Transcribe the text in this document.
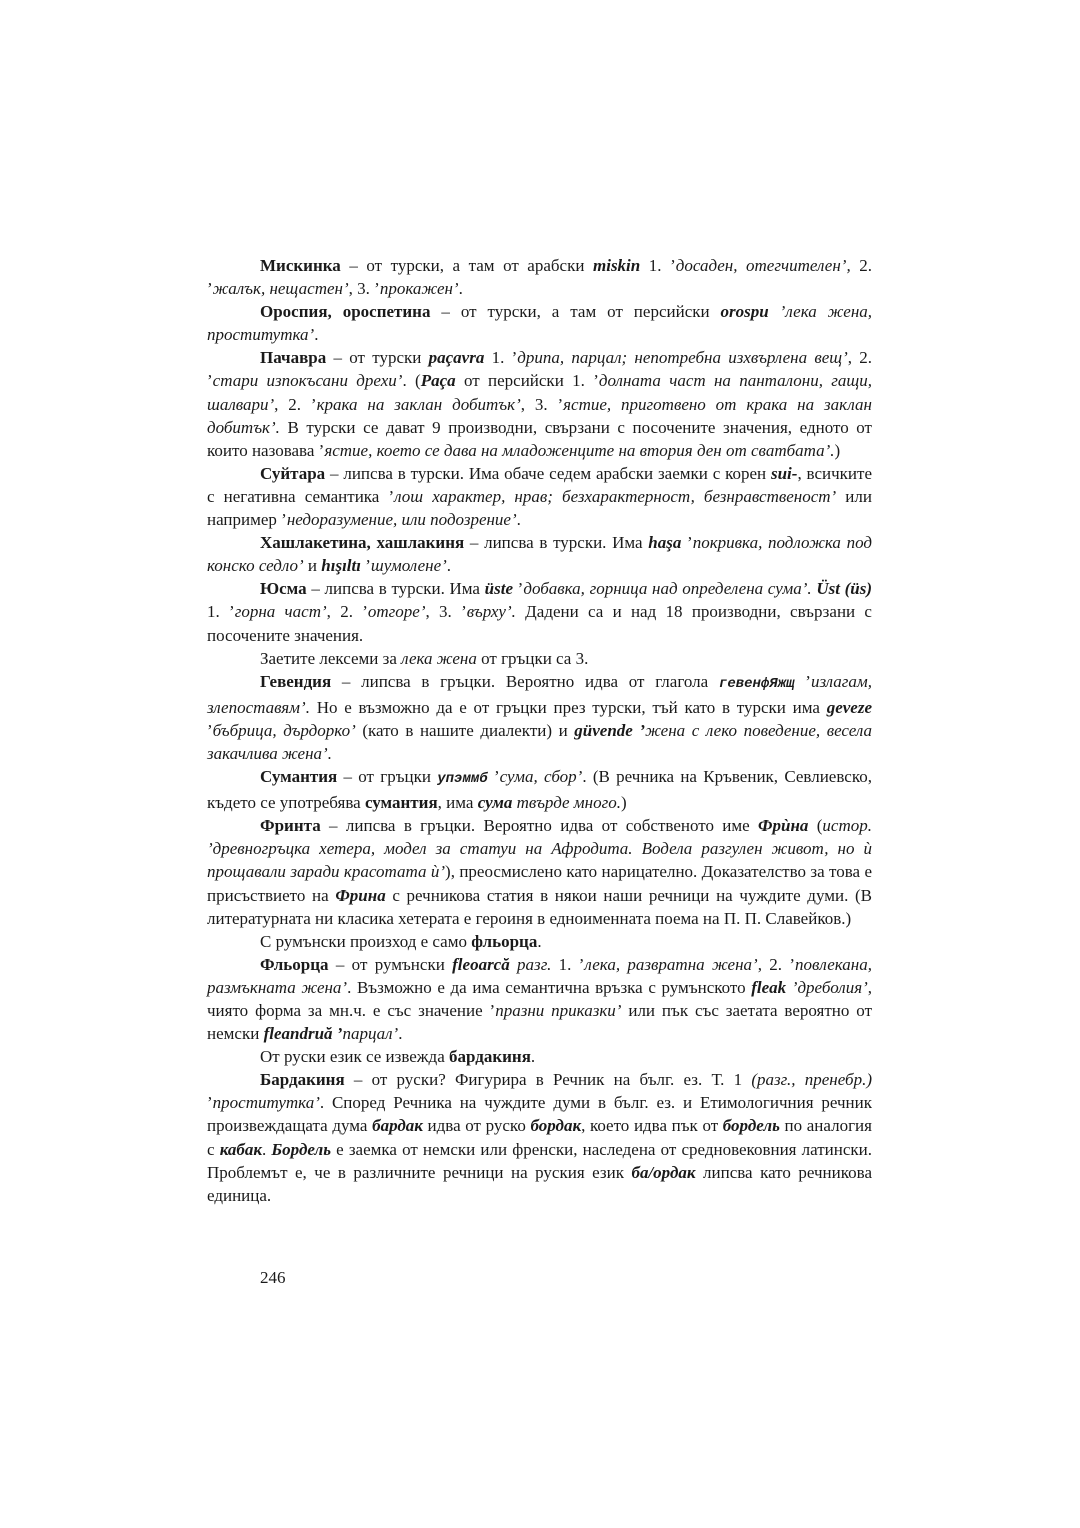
Мискинка – от турски, а там от арабски miskin 1. ’досаден, отегчителен’, 2. ’жалък, нещастен’, 3. ’прокажен’.

Ороспия, ороспетина – от турски, а там от персийски orospu ’лека жена, проститутка’.

Пачавра – от турски paçavra 1. ’дрипа, парцал; непотребна изхвърлена вещ’, 2. ’стари изпокъсани дрехи’. (Paça от персийски 1. ’долната част на панталони, гащи, шалвари’, 2. ’крака на заклан добитък’, 3. ’ястие, приготвено от крака на заклан добитък’. В турски се дават 9 производни, свързани с посочените значения, едното от които назовава ’ястие, което се дава на младоженците на втория ден от сватбата’.)

Суйтара – липсва в турски. Има обаче седем арабски заемки с корен sui-, всичките с негативна семантика ’лош характер, нрав; безхарактерност, безнравственост’ или например ’недоразумение, или подозрение’.

Хашлакетина, хашлакиня – липсва в турски. Има haşa ’покривка, подложка под конско седло’ и hışıltı ’шумолене’.

Юсма – липсва в турски. Има üste ’добавка, горница над определена сума’. Üst (üs) 1. ’горна част’, 2. ’отгоре’, 3. ’върху’. Дадени са и над 18 производни, свързани с посочените значения.

Заетите лексеми за лека жена от гръцки са 3.

Гевендия – липсва в гръцки. Вероятно идва от глагола гевенфЯжщ ’излагам, злепоставям’. Но е възможно да е от гръцки през турски, тъй като в турски има geveze ’бъбрица, дърдорко’ (като в нашите диалекти) и güvende ’жена с леко поведение, весела закачлива жена’.

Сумантия – от гръцки упэммб ’сума, сбор’. (В речника на Кръвеник, Севлиевско, където се употребява сумантия, има сума твърде много.)

Фринта – липсва в гръцки. Вероятно идва от собственото име Фрѝна (истор. ’древногръцка хетера, модел за статуи на Афродита. Водела разгулен живот, но ѝ прощавали заради красотата ѝ’), преосмислено като нарицателно. Доказателство за това е присъствието на Фрина с речникова статия в някои наши речници на чуждите думи. (В литературната ни класика хетерата е героиня в едноименната поема на П. П. Славейков.)

С румънски произход е само фльорца.

Фльорца – от румънски fleoarcă разг. 1. ’лека, развратна жена’, 2. ’повлекана, размъкната жена’. Възможно е да има семантична връзка с румънското fleak ’дреболия’, чиято форма за мн.ч. е със значение ’празни приказки’ или пък със заетата вероятно от немски fleandruă ’парцал’.

От руски език се извежда бардакиня.

Бардакиня – от руски? Фигурира в Речник на бълг. ез. Т. 1 (разг., пренебр.) ’проститутка’. Според Речника на чуждите думи в бълг. ез. и Етимологичния речник произвеждащата дума бардак идва от руско бордак, което идва пък от бордель по аналогия с кабак. Бордель е заемка от немски или френски, наследена от средновековния латински. Проблемът е, че в различните речници на руския език ба/ордак липсва като речникова единица.

246
